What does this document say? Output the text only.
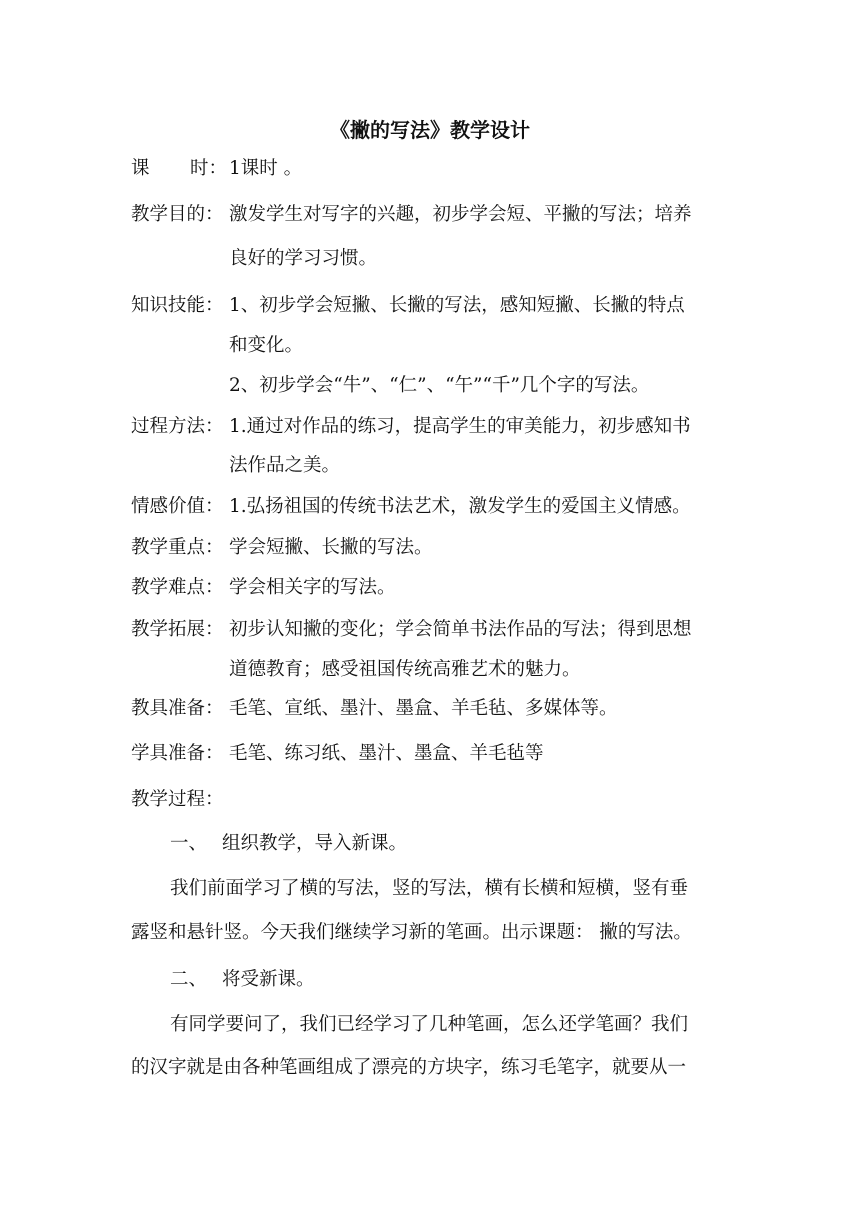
《撇的写法》教学设计
课 时： 1课时 。
教学目的： 激发学生对写字的兴趣，初步学会短、平撇的写法；培养
良好的学习习惯。
知识技能： 1、初步学会短撇、长撇的写法，感知短撇、长撇的特点
和变化。
2、初步学会“牛”、“仁”、“午”“千”几个字的写法。
过程方法： 1.通过对作品的练习，提高学生的审美能力，初步感知书
法作品之美。
情感价值： 1.弘扬祖国的传统书法艺术，激发学生的爱国主义情感。
教学重点： 学会短撇、长撇的写法。
教学难点： 学会相关字的写法。
教学拓展： 初步认知撇的变化；学会简单书法作品的写法；得到思想
道德教育；感受祖国传统高雅艺术的魅力。
教具准备： 毛笔、宣纸、墨汁、墨盒、羊毛毡、多媒体等。
学具准备： 毛笔、练习纸、墨汁、墨盒、羊毛毡等
教学过程：
一、 组织教学，导入新课。
我们前面学习了横的写法，竖的写法，横有长横和短横，竖有垂
露竖和悬针竖。今天我们继续学习新的笔画。出示课题： 撇的写法。
二、 将受新课。
有同学要问了，我们已经学习了几种笔画，怎么还学笔画？我们
的汉字就是由各种笔画组成了漂亮的方块字，练习毛笔字，就要从一
